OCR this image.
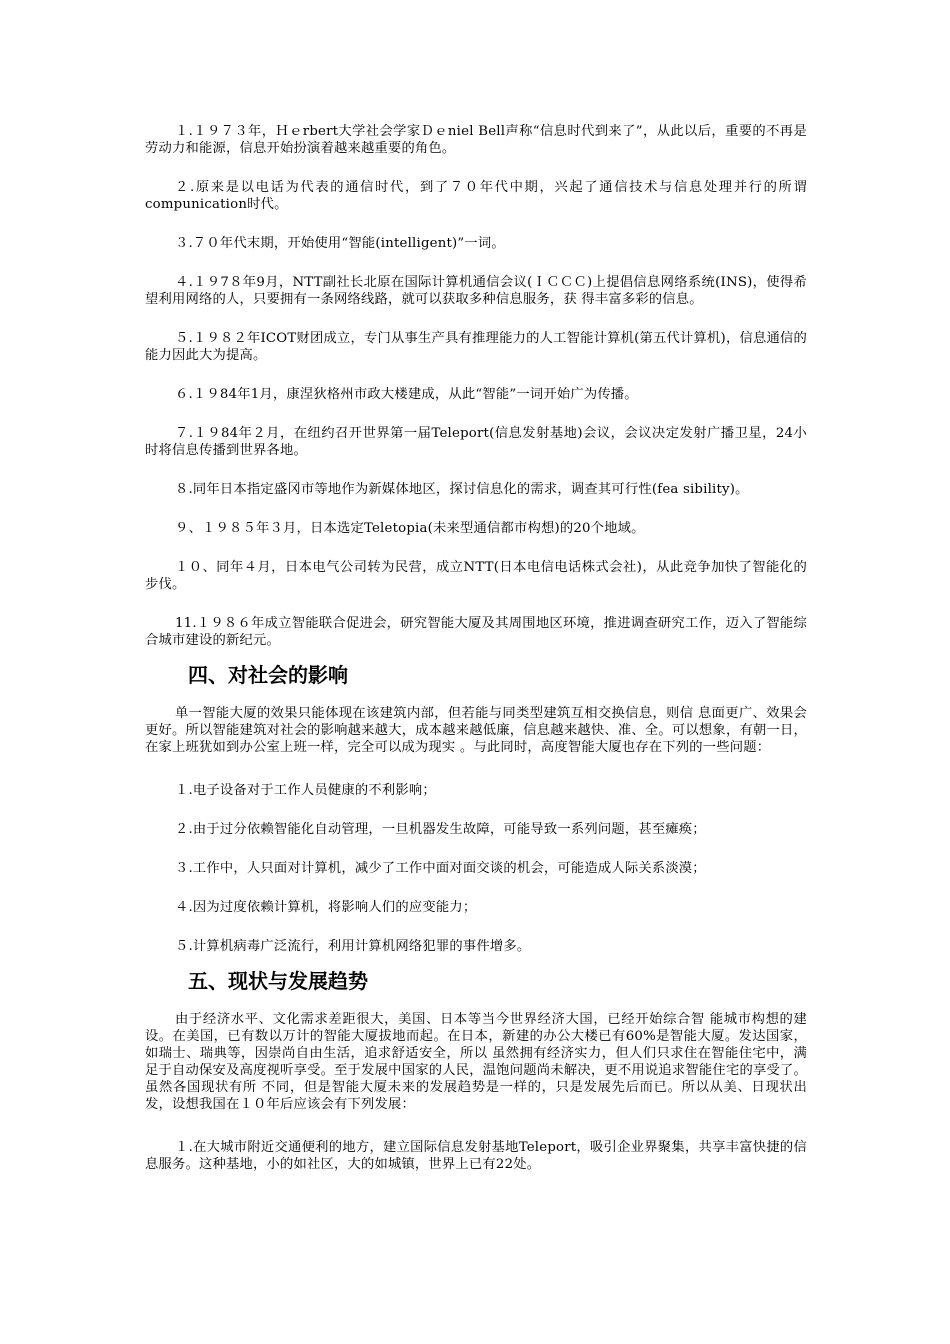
１.１９７３年，Ｈｅrbert大学社会学家Ｄｅniel Bell声称“信息时代到来了”，从此以后，重要的不再是劳动力和能源，信息开始扮演着越来越重要的角色。

２.原来是以电话为代表的通信时代，到了７０年代中期，兴起了通信技术与信息处理并行的所谓compunication时代。

３.７０年代末期，开始使用“智能(intelligent)”一词。

４.１９7８年9月，NTT副社长北原在国际计算机通信会议(ＩＣＣＣ)上提倡信息网络系统(INS)，使得希望利用网络的人，只要拥有一条网络线路，就可以获取多种信息服务，获 得丰富多彩的信息。

５.１９８２年ICOT财团成立，专门从事生产具有推理能力的人工智能计算机(第五代计算机)，信息通信的能力因此大为提高。

６.１９84年1月，康涅狄格州市政大楼建成，从此“智能”一词开始广为传播。

７.１９84年２月，在纽约召开世界第一届Teleport(信息发射基地)会议，会议决定发射广播卫星，24小时将信息传播到世界各地。

８.同年日本指定盛冈市等地作为新媒体地区，探讨信息化的需求，调查其可行性(fea sibility)。

９、１９８５年３月，日本选定Teletopia(未来型通信都市构想)的20个地域。

１０、同年４月，日本电气公司转为民营，成立NTT(日本电信电话株式会社)，从此竞争加快了智能化的步伐。

11.１９８６年成立智能联合促进会，研究智能大厦及其周围地区环境，推进调查研究工作，迈入了智能综合城市建设的新纪元。

四、对社会的影响

单一智能大厦的效果只能体现在该建筑内部，但若能与同类型建筑互相交换信息，则信 息面更广、效果会更好。所以智能建筑对社会的影响越来越大，成本越来越低廉，信息越来越快、准、全。可以想象，有朝一日，在家上班犹如到办公室上班一样，完全可以成为现实 。与此同时，高度智能大厦也存在下列的一些问题：

１.电子设备对于工作人员健康的不利影响；

２.由于过分依赖智能化自动管理，一旦机器发生故障，可能导致一系列问题，甚至瘫痪；

３.工作中，人只面对计算机，减少了工作中面对面交谈的机会，可能造成人际关系淡漠；

４.因为过度依赖计算机，将影响人们的应变能力；

５.计算机病毒广泛流行，利用计算机网络犯罪的事件增多。

五、现状与发展趋势

由于经济水平、文化需求差距很大，美国、日本等当今世界经济大国，已经开始综合智 能城市构想的建设。在美国，已有数以万计的智能大厦拔地而起。在日本，新建的办公大楼已有60%是智能大厦。发达国家，如瑞士、瑞典等，因崇尚自由生活，追求舒适安全，所以 虽然拥有经济实力，但人们只求住在智能住宅中，满足于自动保安及高度视听享受。至于发展中国家的人民，温饱问题尚未解决，更不用说追求智能住宅的享受了。虽然各国现状有所 不同，但是智能大厦未来的发展趋势是一样的，只是发展先后而已。所以从美、日现状出发，设想我国在１０年后应该会有下列发展：

１.在大城市附近交通便利的地方，建立国际信息发射基地Teleport，吸引企业界聚集，共享丰富快捷的信息服务。这种基地，小的如社区，大的如城镇，世界上已有22处。
